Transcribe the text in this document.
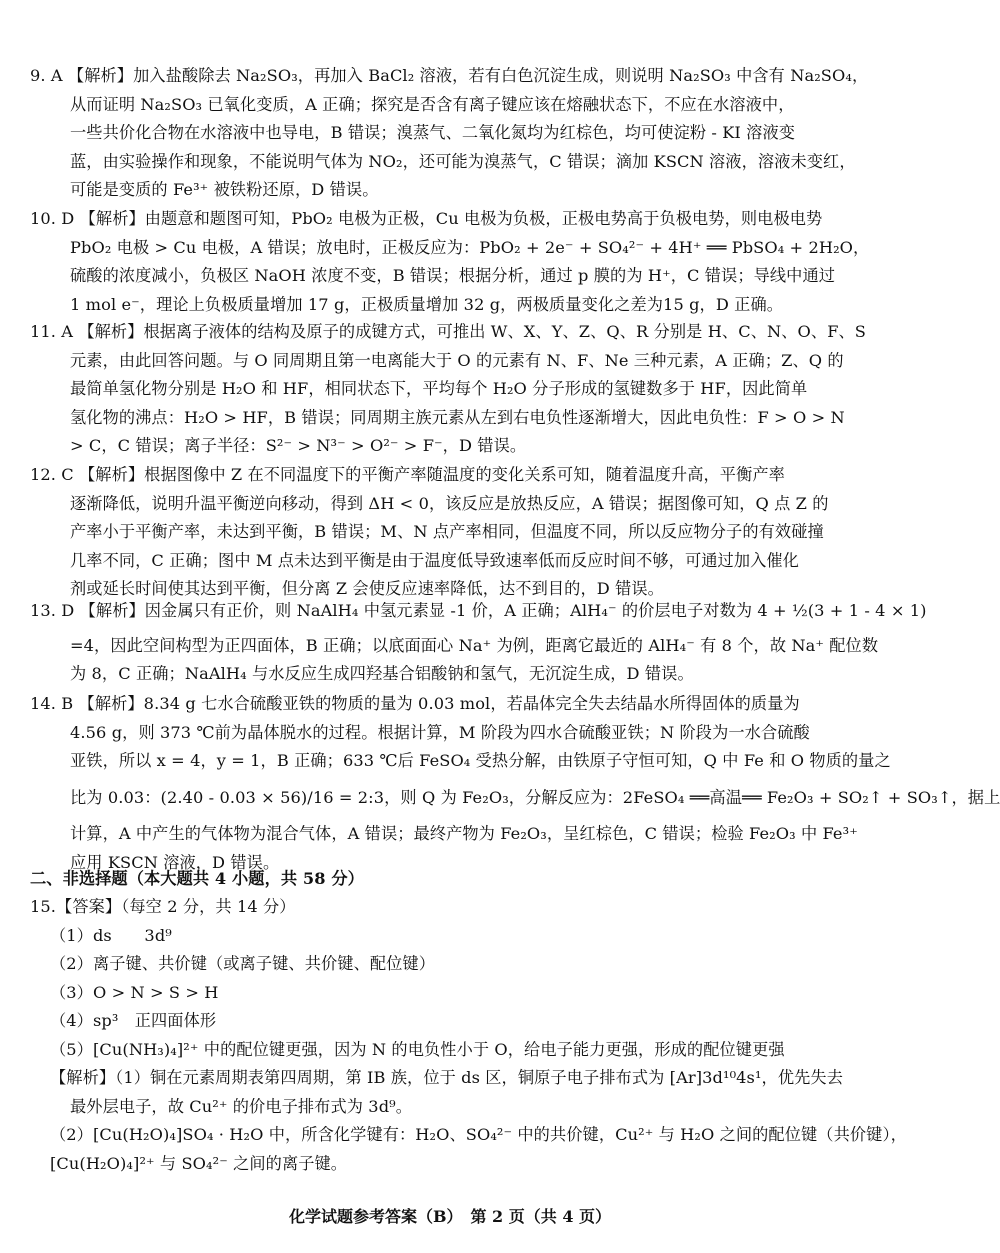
9. A 【解析】加入盐酸除去 Na₂SO₃，再加入 BaCl₂ 溶液，若有白色沉淀生成，则说明 Na₂SO₃ 中含有 Na₂SO₄，
从而证明 Na₂SO₃ 已氧化变质，A 正确；探究是否含有离子键应该在熔融状态下，不应在水溶液中，
一些共价化合物在水溶液中也导电，B 错误；溴蒸气、二氧化氮均为红棕色，均可使淀粉 - KI 溶液变
蓝，由实验操作和现象，不能说明气体为 NO₂，还可能为溴蒸气，C 错误；滴加 KSCN 溶液，溶液未变红，
可能是变质的 Fe³⁺ 被铁粉还原，D 错误。
10. D 【解析】由题意和题图可知，PbO₂ 电极为正极，Cu 电极为负极，正极电势高于负极电势，则电极电势
PbO₂ 电极 > Cu 电极，A 错误；放电时，正极反应为：PbO₂ + 2e⁻ + SO₄²⁻ + 4H⁺ ══ PbSO₄ + 2H₂O，
硫酸的浓度减小，负极区 NaOH 浓度不变，B 错误；根据分析，通过 p 膜的为 H⁺，C 错误；导线中通过
1 mol e⁻，理论上负极质量增加 17 g，正极质量增加 32 g，两极质量变化之差为15 g，D 正确。
11. A 【解析】根据离子液体的结构及原子的成键方式，可推出 W、X、Y、Z、Q、R 分别是 H、C、N、O、F、S
元素，由此回答问题。与 O 同周期且第一电离能大于 O 的元素有 N、F、Ne 三种元素，A 正确；Z、Q 的
最简单氢化物分别是 H₂O 和 HF，相同状态下，平均每个 H₂O 分子形成的氢键数多于 HF，因此简单
氢化物的沸点：H₂O > HF，B 错误；同周期主族元素从左到右电负性逐渐增大，因此电负性：F > O > N
> C，C 错误；离子半径：S²⁻ > N³⁻ > O²⁻ > F⁻，D 错误。
12. C 【解析】根据图像中 Z 在不同温度下的平衡产率随温度的变化关系可知，随着温度升高，平衡产率
逐渐降低，说明升温平衡逆向移动，得到 ΔH < 0，该反应是放热反应，A 错误；据图像可知，Q 点 Z 的
产率小于平衡产率，未达到平衡，B 错误；M、N 点产率相同，但温度不同，所以反应物分子的有效碰撞
几率不同，C 正确；图中 M 点未达到平衡是由于温度低导致速率低而反应时间不够，可通过加入催化
剂或延长时间使其达到平衡，但分离 Z 会使反应速率降低，达不到目的，D 错误。
13. D 【解析】因金属只有正价，则 NaAlH₄ 中氢元素显 -1 价，A 正确；AlH₄⁻ 的价层电子对数为 4 + ½(3 + 1 - 4 × 1)
=4，因此空间构型为正四面体，B 正确；以底面面心 Na⁺ 为例，距离它最近的 AlH₄⁻ 有 8 个，故 Na⁺ 配位数
为 8，C 正确；NaAlH₄ 与水反应生成四羟基合铝酸钠和氢气，无沉淀生成，D 错误。
14. B 【解析】8.34 g 七水合硫酸亚铁的物质的量为 0.03 mol，若晶体完全失去结晶水所得固体的质量为
4.56 g，则 373 ℃前为晶体脱水的过程。根据计算，M 阶段为四水合硫酸亚铁；N 阶段为一水合硫酸
亚铁，所以 x = 4，y = 1，B 正确；633 ℃后 FeSO₄ 受热分解，由铁原子守恒可知，Q 中 Fe 和 O 物质的量之
比为 0.03：(2.40 - 0.03 × 56)/16 = 2:3，则 Q 为 Fe₂O₃，分解反应为：2FeSO₄ ══高温══ Fe₂O₃ + SO₂↑ + SO₃↑，据上
计算，A 中产生的气体物为混合气体，A 错误；最终产物为 Fe₂O₃，呈红棕色，C 错误；检验 Fe₂O₃ 中 Fe³⁺
应用 KSCN 溶液，D 错误。
二、非选择题（本大题共 4 小题，共 58 分）
15.【答案】（每空 2 分，共 14 分）
（1）ds　　3d⁹
（2）离子键、共价键（或离子键、共价键、配位键）
（3）O > N > S > H
（4）sp³　正四面体形
（5）[Cu(NH₃)₄]²⁺ 中的配位键更强，因为 N 的电负性小于 O，给电子能力更强，形成的配位键更强
【解析】（1）铜在元素周期表第四周期，第 IB 族，位于 ds 区，铜原子电子排布式为 [Ar]3d¹⁰4s¹，优先失去
最外层电子，故 Cu²⁺ 的价电子排布式为 3d⁹。
（2）[Cu(H₂O)₄]SO₄ · H₂O 中，所含化学键有：H₂O、SO₄²⁻ 中的共价键，Cu²⁺ 与 H₂O 之间的配位键（共价键），
[Cu(H₂O)₄]²⁺ 与 SO₄²⁻ 之间的离子键。
化学试题参考答案（B）　第 2 页（共 4 页）
